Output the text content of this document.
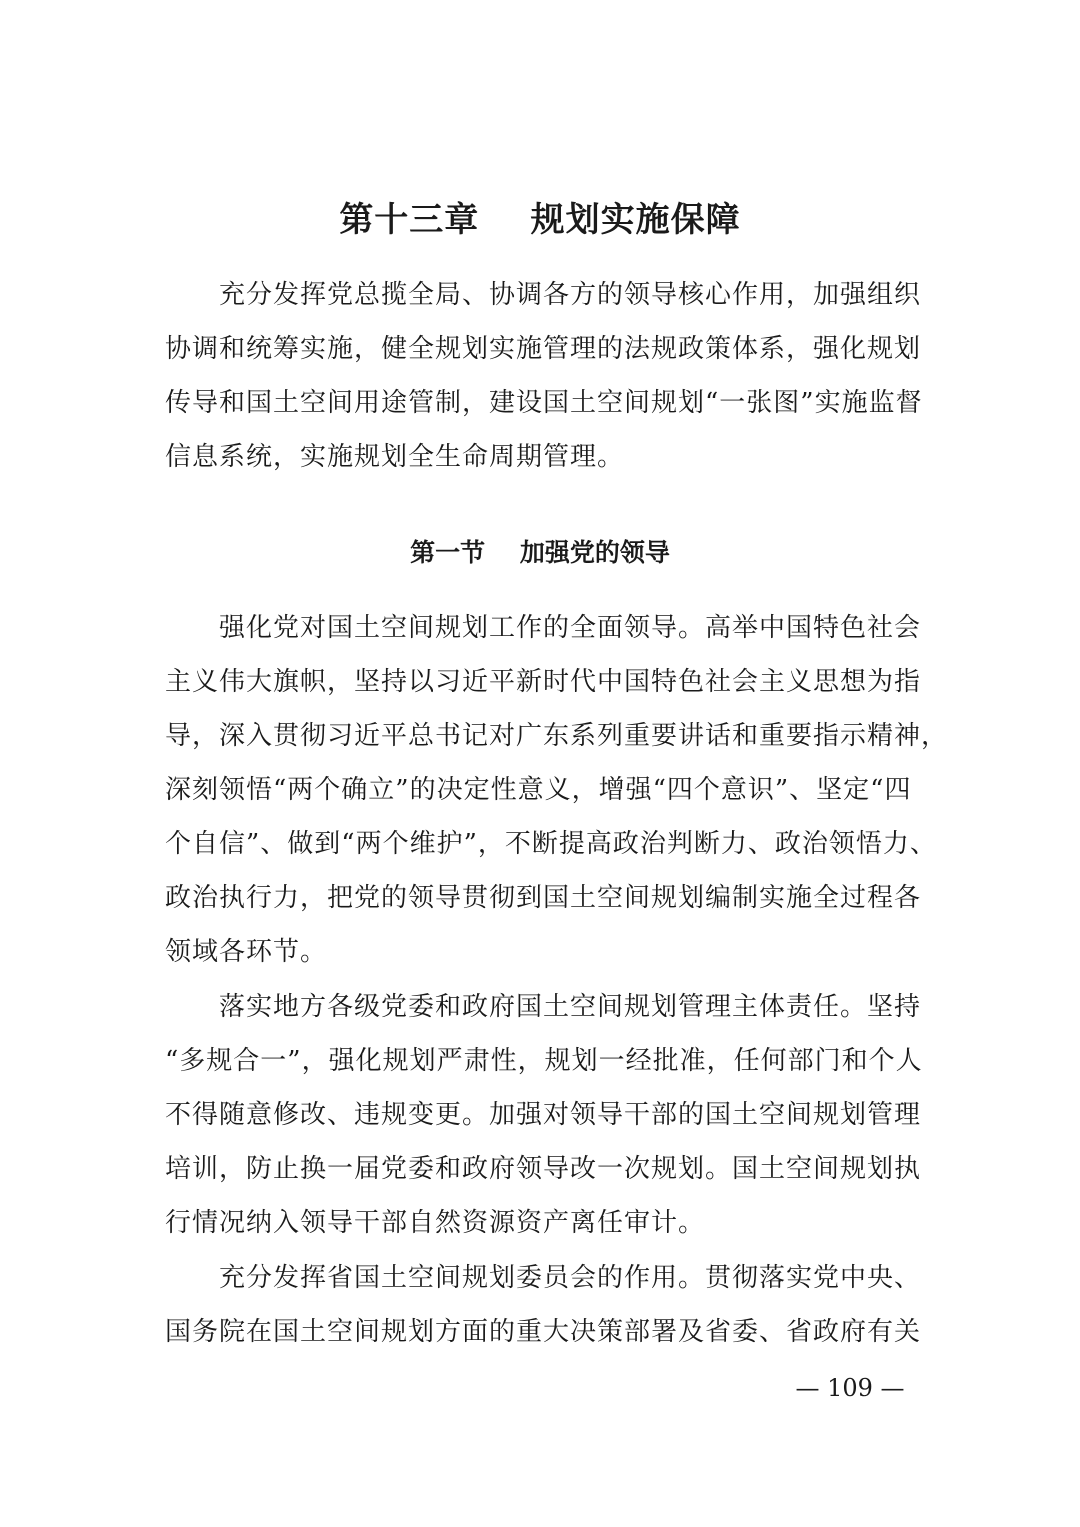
第十三章    规划实施保障
充分发挥党总揽全局、协调各方的领导核心作用，加强组织
协调和统筹实施，健全规划实施管理的法规政策体系，强化规划
传导和国土空间用途管制，建设国土空间规划“一张图”实施监督
信息系统，实施规划全生命周期管理。
第一节    加强党的领导
强化党对国土空间规划工作的全面领导。高举中国特色社会
主义伟大旗帜，坚持以习近平新时代中国特色社会主义思想为指
导，深入贯彻习近平总书记对广东系列重要讲话和重要指示精神，
深刻领悟“两个确立”的决定性意义，增强“四个意识”、坚定“四
个自信”、做到“两个维护”，不断提高政治判断力、政治领悟力、
政治执行力，把党的领导贯彻到国土空间规划编制实施全过程各
领域各环节。
落实地方各级党委和政府国土空间规划管理主体责任。坚持
“多规合一”，强化规划严肃性，规划一经批准，任何部门和个人
不得随意修改、违规变更。加强对领导干部的国土空间规划管理
培训，防止换一届党委和政府领导改一次规划。国土空间规划执
行情况纳入领导干部自然资源资产离任审计。
充分发挥省国土空间规划委员会的作用。贯彻落实党中央、
国务院在国土空间规划方面的重大决策部署及省委、省政府有关
— 109 —
